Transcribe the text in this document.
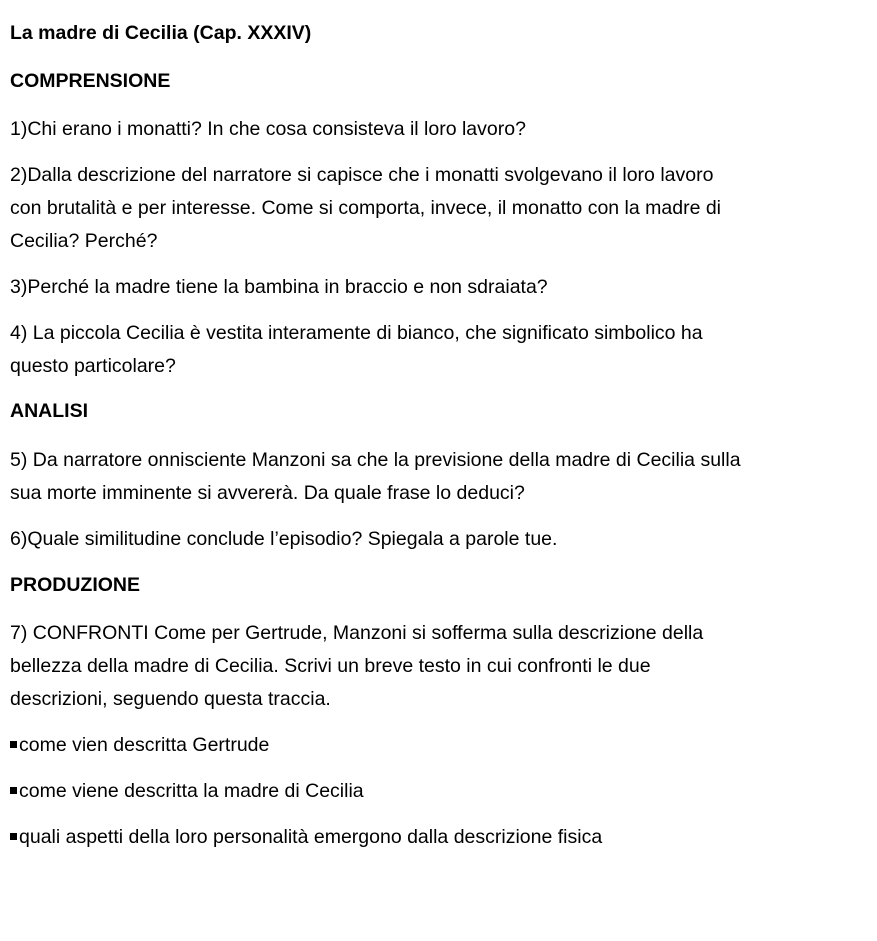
La madre di Cecilia (Cap. XXXIV)
COMPRENSIONE
1)Chi erano i monatti? In che cosa consisteva il loro lavoro?
2)Dalla descrizione del narratore si capisce che i monatti svolgevano il loro lavoro
con brutalità e per interesse. Come si comporta, invece, il monatto con la madre di
Cecilia? Perché?
3)Perché la madre tiene la bambina in braccio e non sdraiata?
4) La piccola Cecilia è vestita interamente di bianco, che significato simbolico ha
questo particolare?
ANALISI
5) Da narratore onnisciente Manzoni sa che la previsione della madre di Cecilia sulla
sua morte imminente si avvererà. Da quale frase lo deduci?
6)Quale similitudine conclude l’episodio? Spiegala a parole tue.
PRODUZIONE
7) CONFRONTI Come per Gertrude, Manzoni si sofferma sulla descrizione della
bellezza della madre di Cecilia. Scrivi un breve testo in cui confronti le due
descrizioni, seguendo questa traccia.
come vien descritta Gertrude
come viene descritta la madre di Cecilia
quali aspetti della loro personalità emergono dalla descrizione fisica
